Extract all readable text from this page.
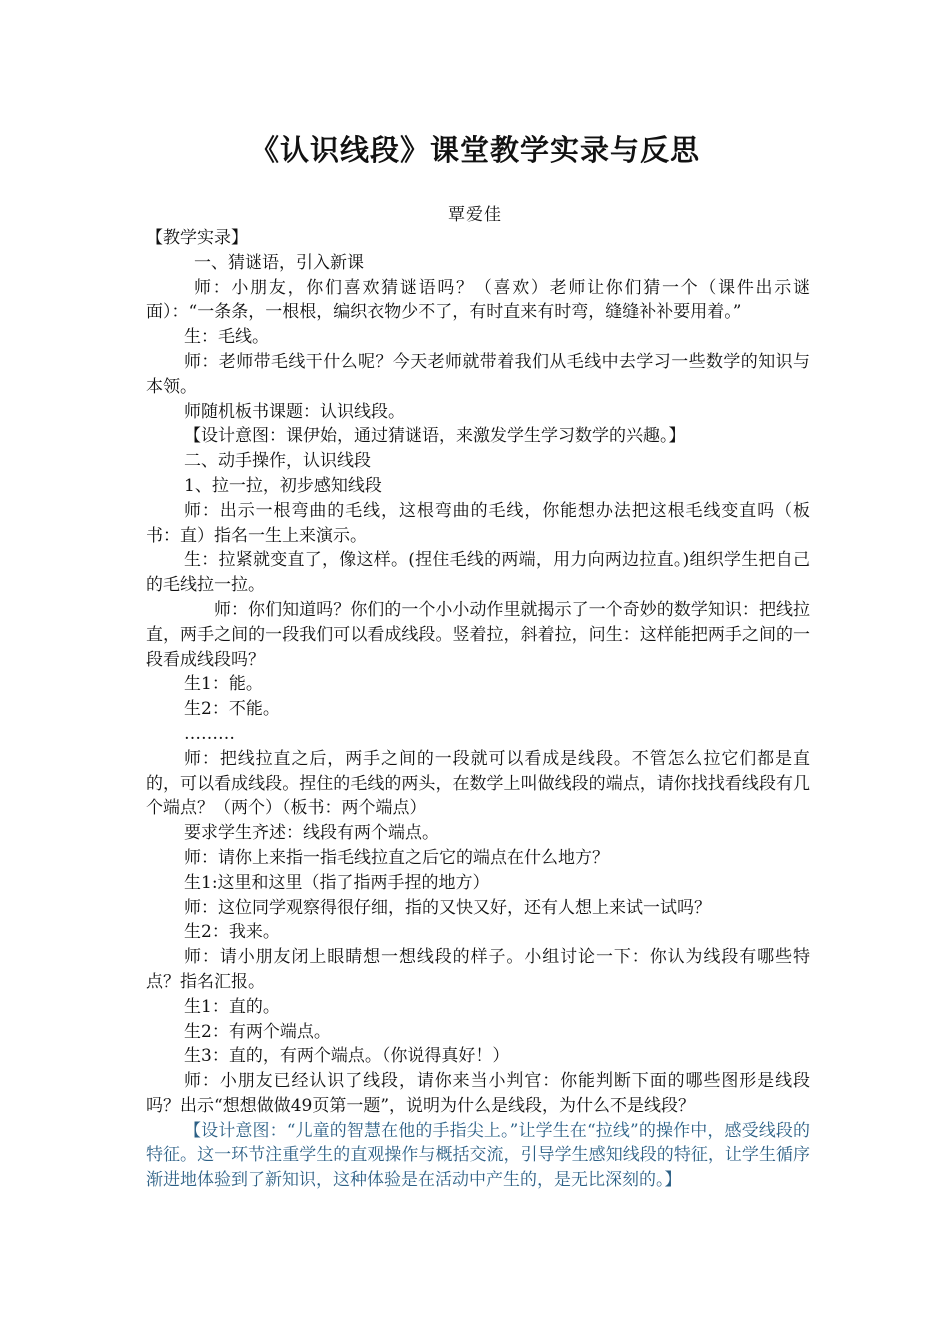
《认识线段》课堂教学实录与反思
覃爱佳

【教学实录】

一、猜谜语，引入新课

师：小朋友，你们喜欢猜谜语吗？（喜欢）老师让你们猜一个（课件出示谜面）：“一条条，一根根，编织衣物少不了，有时直来有时弯，缝缝补补要用着。”

生：毛线。

师：老师带毛线干什么呢？今天老师就带着我们从毛线中去学习一些数学的知识与本领。

师随机板书课题：认识线段。

【设计意图：课伊始，通过猜谜语，来激发学生学习数学的兴趣。】

二、动手操作，认识线段

1、拉一拉，初步感知线段

师：出示一根弯曲的毛线，这根弯曲的毛线，你能想办法把这根毛线变直吗（板书：直）指名一生上来演示。

生：拉紧就变直了，像这样。(捏住毛线的两端，用力向两边拉直。)组织学生把自己的毛线拉一拉。

师：你们知道吗？你们的一个小小动作里就揭示了一个奇妙的数学知识：把线拉直，两手之间的一段我们可以看成线段。竖着拉，斜着拉，问生：这样能把两手之间的一段看成线段吗？

生1：能。

生2：不能。

………

师：把线拉直之后，两手之间的一段就可以看成是线段。不管怎么拉它们都是直的，可以看成线段。捏住的毛线的两头，在数学上叫做线段的端点，请你找找看线段有几个端点？（两个）（板书：两个端点）

要求学生齐述：线段有两个端点。

师：请你上来指一指毛线拉直之后它的端点在什么地方？

生1:这里和这里（指了指两手捏的地方）

师：这位同学观察得很仔细，指的又快又好，还有人想上来试一试吗？

生2：我来。

师：请小朋友闭上眼睛想一想线段的样子。小组讨论一下：你认为线段有哪些特点？指名汇报。

生1：直的。

生2：有两个端点。

生3：直的，有两个端点。（你说得真好！）

师：小朋友已经认识了线段，请你来当小判官：你能判断下面的哪些图形是线段吗？出示“想想做做49页第一题”，说明为什么是线段，为什么不是线段？

【设计意图：“儿童的智慧在他的手指尖上。”让学生在“拉线”的操作中，感受线段的特征。这一环节注重学生的直观操作与概括交流，引导学生感知线段的特征，让学生循序渐进地体验到了新知识，这种体验是在活动中产生的，是无比深刻的。】
